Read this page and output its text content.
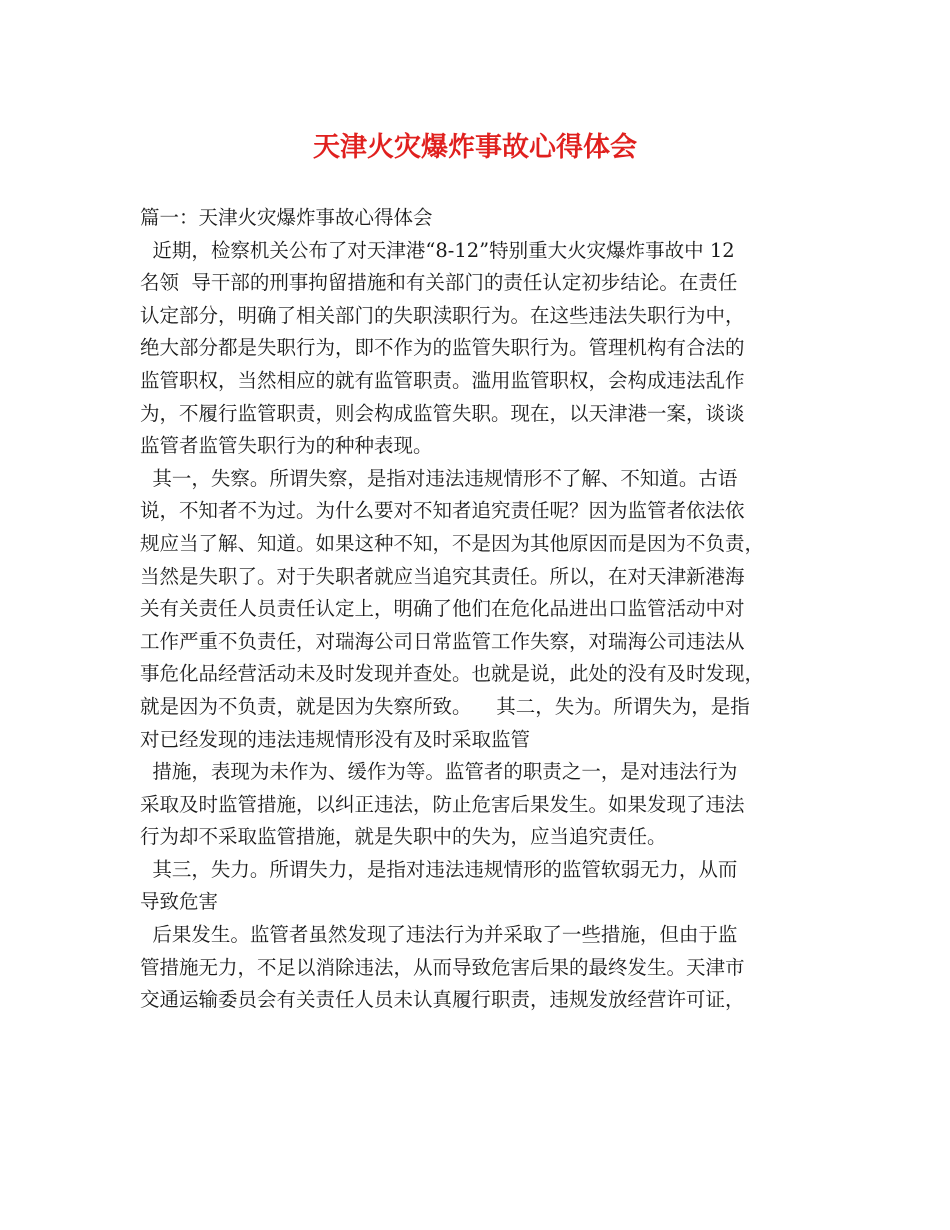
天津火灾爆炸事故心得体会
篇一：天津火灾爆炸事故心得体会
近期，检察机关公布了对天津港“8-12”特别重大火灾爆炸事故中 12
名领  导干部的刑事拘留措施和有关部门的责任认定初步结论。在责任
认定部分，明确了相关部门的失职渎职行为。在这些违法失职行为中，
绝大部分都是失职行为，即不作为的监管失职行为。管理机构有合法的
监管职权，当然相应的就有监管职责。滥用监管职权，会构成违法乱作
为，不履行监管职责，则会构成监管失职。现在，以天津港一案，谈谈
监管者监管失职行为的种种表现。
其一，失察。所谓失察，是指对违法违规情形不了解、不知道。古语
说，不知者不为过。为什么要对不知者追究责任呢？因为监管者依法依
规应当了解、知道。如果这种不知，不是因为其他原因而是因为不负责，
当然是失职了。对于失职者就应当追究其责任。所以，在对天津新港海
关有关责任人员责任认定上，明确了他们在危化品进出口监管活动中对
工作严重不负责任，对瑞海公司日常监管工作失察，对瑞海公司违法从
事危化品经营活动未及时发现并查处。也就是说，此处的没有及时发现，
就是因为不负责，就是因为失察所致。    其二，失为。所谓失为，是指
对已经发现的违法违规情形没有及时采取监管
措施，表现为未作为、缓作为等。监管者的职责之一，是对违法行为
采取及时监管措施，以纠正违法，防止危害后果发生。如果发现了违法
行为却不采取监管措施，就是失职中的失为，应当追究责任。
其三，失力。所谓失力，是指对违法违规情形的监管软弱无力，从而
导致危害
后果发生。监管者虽然发现了违法行为并采取了一些措施，但由于监
管措施无力，不足以消除违法，从而导致危害后果的最终发生。天津市
交通运输委员会有关责任人员未认真履行职责，违规发放经营许可证，
